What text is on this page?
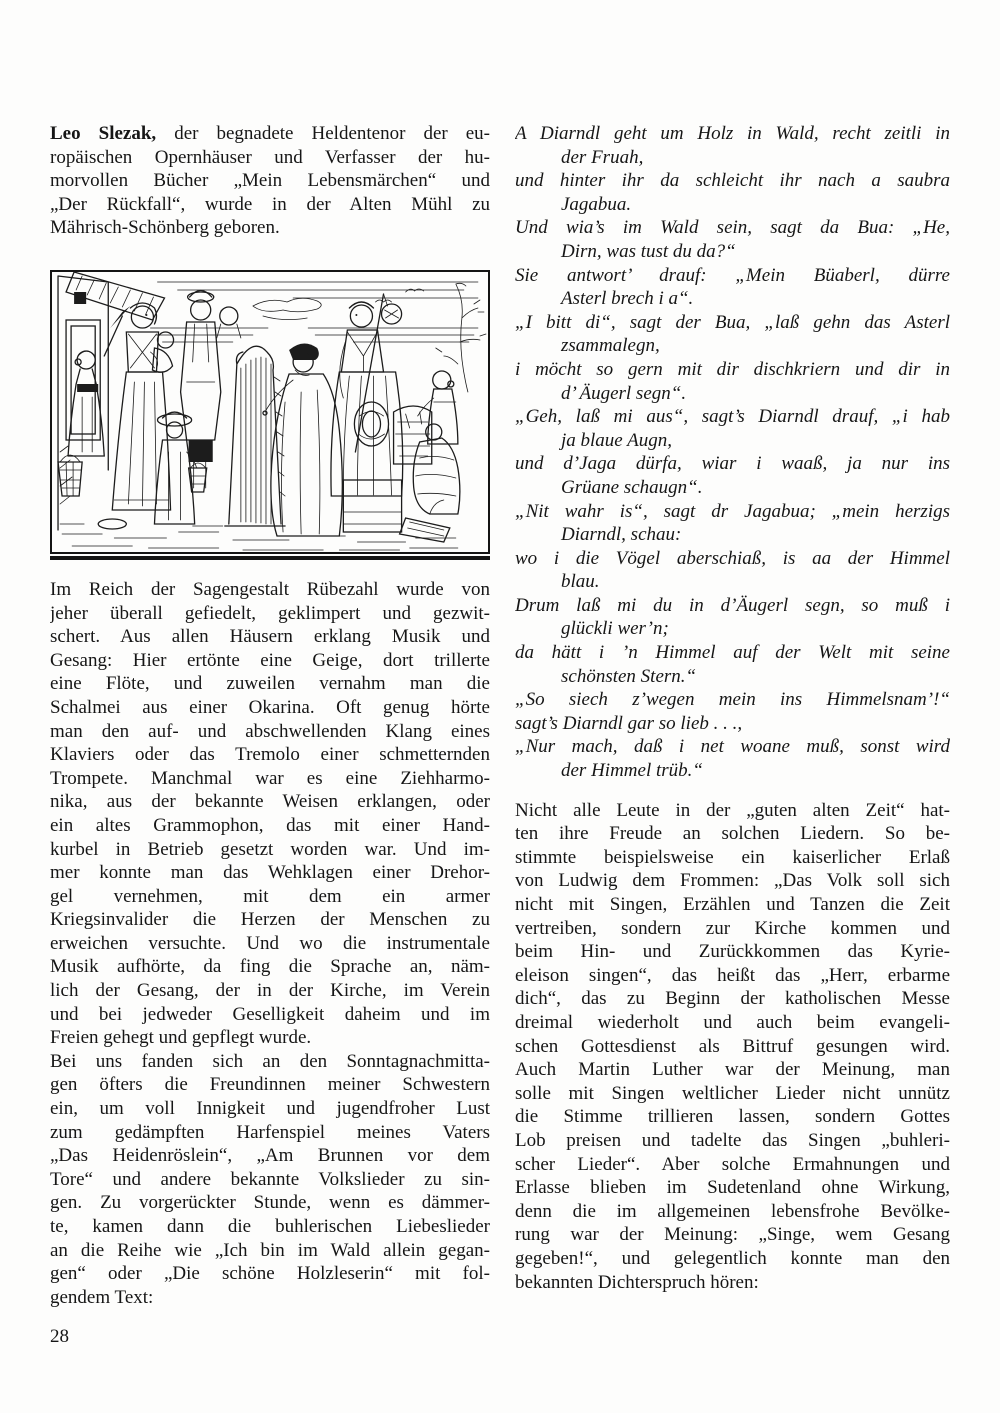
Leo Slezak, der begnadete Heldentenor der eu-
ropäischen Opernhäuser und Verfasser der hu-
morvollen Bücher „Mein Lebensmärchen“ und
„Der Rückfall“, wurde in der Alten Mühl zu
Mährisch-Schönberg geboren.
Im Reich der Sagengestalt Rübezahl wurde von
jeher überall gefiedelt, geklimpert und gezwit-
schert. Aus allen Häusern erklang Musik und
Gesang: Hier ertönte eine Geige, dort trillerte
eine Flöte, und zuweilen vernahm man die
Schalmei aus einer Okarina. Oft genug hörte
man den auf- und abschwellenden Klang eines
Klaviers oder das Tremolo einer schmetternden
Trompete. Manchmal war es eine Ziehharmo-
nika, aus der bekannte Weisen erklangen, oder
ein altes Grammophon, das mit einer Hand-
kurbel in Betrieb gesetzt worden war. Und im-
mer konnte man das Wehklagen einer Drehor-
gel vernehmen, mit dem ein armer
Kriegsinvalider die Herzen der Menschen zu
erweichen versuchte. Und wo die instrumentale
Musik aufhörte, da fing die Sprache an, näm-
lich der Gesang, der in der Kirche, im Verein
und bei jedweder Geselligkeit daheim und im
Freien gehegt und gepflegt wurde.
Bei uns fanden sich an den Sonntagnachmitta-
gen öfters die Freundinnen meiner Schwestern
ein, um voll Innigkeit und jugendfroher Lust
zum gedämpften Harfenspiel meines Vaters
„Das Heidenröslein“, „Am Brunnen vor dem
Tore“ und andere bekannte Volkslieder zu sin-
gen. Zu vorgerückter Stunde, wenn es dämmer-
te, kamen dann die buhlerischen Liebeslieder
an die Reihe wie „Ich bin im Wald allein gegan-
gen“ oder „Die schöne Holzleserin“ mit fol-
gendem Text:
28
A Diarndl geht um Holz in Wald, recht zeitli in
der Fruah,
und hinter ihr da schleicht ihr nach a saubra
Jagabua.
Und wia’s im Wald sein, sagt da Bua: „He,
Dirn, was tust du da?“
Sie antwort’ drauf: „Mein Büaberl, dürre
Asterl brech i a“.
„I bitt di“, sagt der Bua, „laß gehn das Asterl
zsammalegn,
i möcht so gern mit dir dischkriern und dir in
d’ Äugerl segn“.
„Geh, laß mi aus“, sagt’s Diarndl drauf, „i hab
ja blaue Augn,
und d’Jaga dürfa, wiar i waaß, ja nur ins
Grüane schaugn“.
„Nit wahr is“, sagt dr Jagabua; „mein herzigs
Diarndl, schau:
wo i die Vögel aberschiaß, is aa der Himmel
blau.
Drum laß mi du in d’Äugerl segn, so muß i
glückli wer’n;
da hätt i ’n Himmel auf der Welt mit seine
schönsten Stern.“
„So siech z’wegen mein ins Himmelsnam’!“
sagt’s Diarndl gar so lieb . . .,
„Nur mach, daß i net woane muß, sonst wird
der Himmel trüb.“
Nicht alle Leute in der „guten alten Zeit“ hat-
ten ihre Freude an solchen Liedern. So be-
stimmte beispielsweise ein kaiserlicher Erlaß
von Ludwig dem Frommen: „Das Volk soll sich
nicht mit Singen, Erzählen und Tanzen die Zeit
vertreiben, sondern zur Kirche kommen und
beim Hin- und Zurückkommen das Kyrie-
eleison singen“, das heißt das „Herr, erbarme
dich“, das zu Beginn der katholischen Messe
dreimal wiederholt und auch beim evangeli-
schen Gottesdienst als Bittruf gesungen wird.
Auch Martin Luther war der Meinung, man
solle mit Singen weltlicher Lieder nicht unnütz
die Stimme trillieren lassen, sondern Gottes
Lob preisen und tadelte das Singen „buhleri-
scher Lieder“. Aber solche Ermahnungen und
Erlasse blieben im Sudetenland ohne Wirkung,
denn die im allgemeinen lebensfrohe Bevölke-
rung war der Meinung: „Singe, wem Gesang
gegeben!“, und gelegentlich konnte man den
bekannten Dichterspruch hören:
